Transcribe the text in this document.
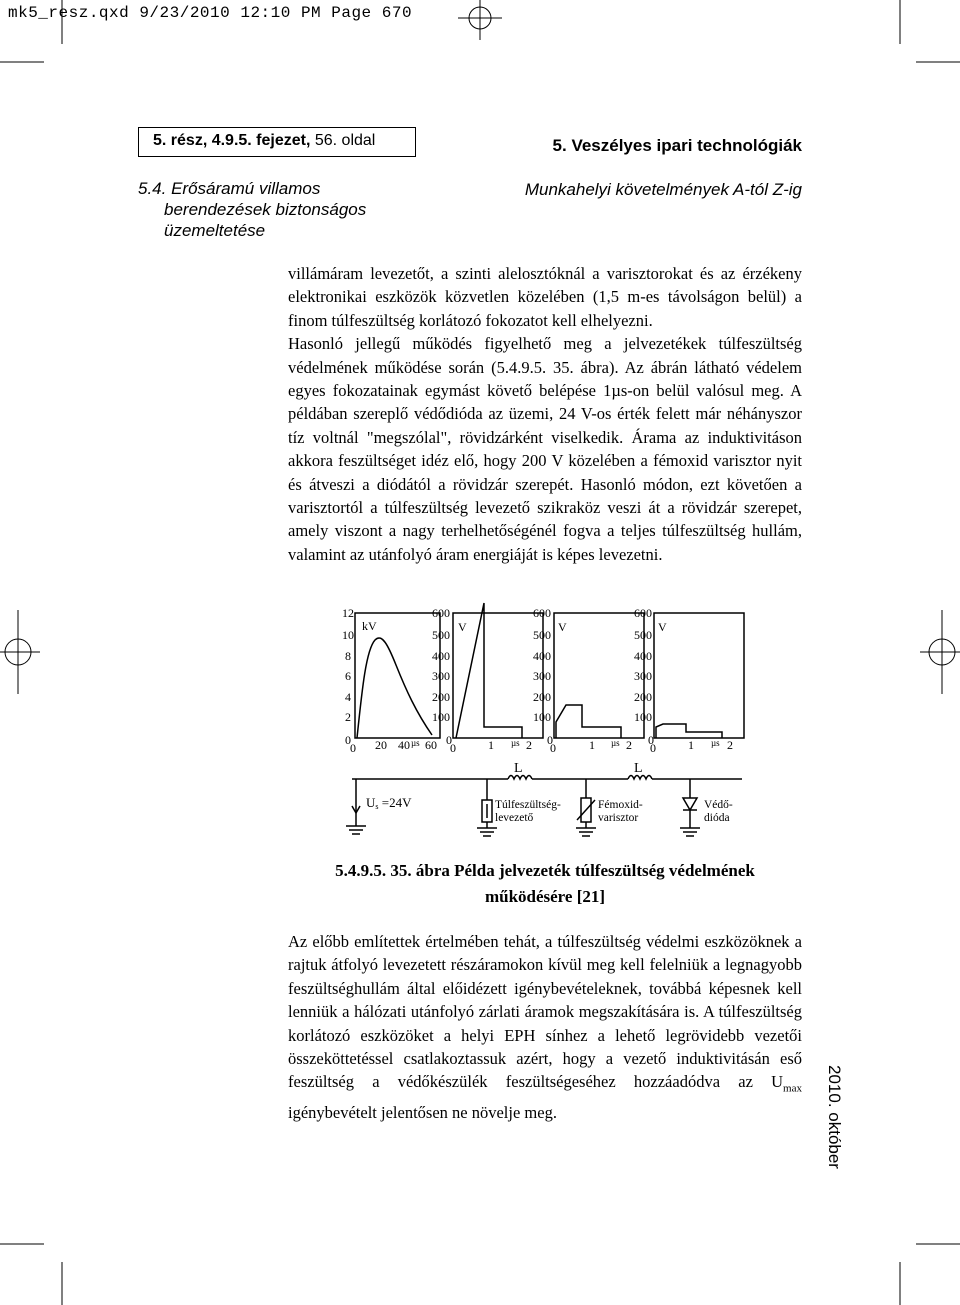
mk5_resz.qxd 9/23/2010 12:10 PM Page 670
5. rész, 4.9.5. fejezet, 56. oldal	5. Veszélyes ipari technológiák
5.4. Erősáramú villamos
berendezések biztonságos
üzemeltetése
Munkahelyi követelmények A-tól Z-ig

villámáram levezetőt, a szinti alelosztóknál a varisztorokat és az érzékeny elektronikai eszközök közvetlen közelében (1,5 m-es távolságon belül) a finom túlfeszültség korlátozó fokozatot kell elhelyezni.

Hasonló jellegű működés figyelhető meg a jelvezetékek túlfeszültség védelmének működése során (5.4.9.5. 35. ábra). Az ábrán látható védelem egyes fokozatainak egymást követő belépése 1µs-on belül valósul meg. A példában szereplő védődióda az üzemi, 24 V-os érték felett már néhányszor tíz voltnál "megszólal", rövidzárként viselkedik. Árama az induktivitáson akkora feszültséget idéz elő, hogy 200 V közelében a fémoxid varisztor nyit és átveszi a diódától a rövidzár szerepét. Hasonló módon, ezt követően a varisztortól a túlfeszültség levezető szikraköz veszi át a rövidzár szerepet, amely viszont a nagy terhelhetőségénél fogva a teljes túlfeszültség hullám, valamint az utánfolyó áram energiáját is képes levezetni.

12
10
8
6
4
2
0
kV
0 20 40 µs 60
600
500
400
300
200
100
0
V
0	1 µs 2
600
500
400
300
200
100
0
V
0	1 µs 2
600
500
400
300
200
100
0
V
0	1 µs 2
L	L
Us =24V	Túlfeszültség-
levezető
Fémoxid-
varisztor
Védő-
dióda
5.4.9.5. 35. ábra Példa jelvezeték túlfeszültség védelmének
működésére [21]

Az előbb említettek értelmében tehát, a túlfeszültség védelmi eszközöknek a rajtuk átfolyó levezetett részáramokon kívül meg kell felelniük a legnagyobb feszültséghullám által előidézett igénybevételeknek, továbbá képesnek kell lenniük a hálózati utánfolyó zárlati áramok megszakítására is. A túlfeszültség korlátozó eszközöket a helyi EPH sínhez a lehető legrövidebb vezetői összeköttetéssel csatlakoztassuk azért, hogy a vezető induktivitásán eső feszültség a védőkészülék feszültségeséhez hozzáadódva az $U_{max}$ igénybevételt jelentősen ne növelje meg.	2010. október
